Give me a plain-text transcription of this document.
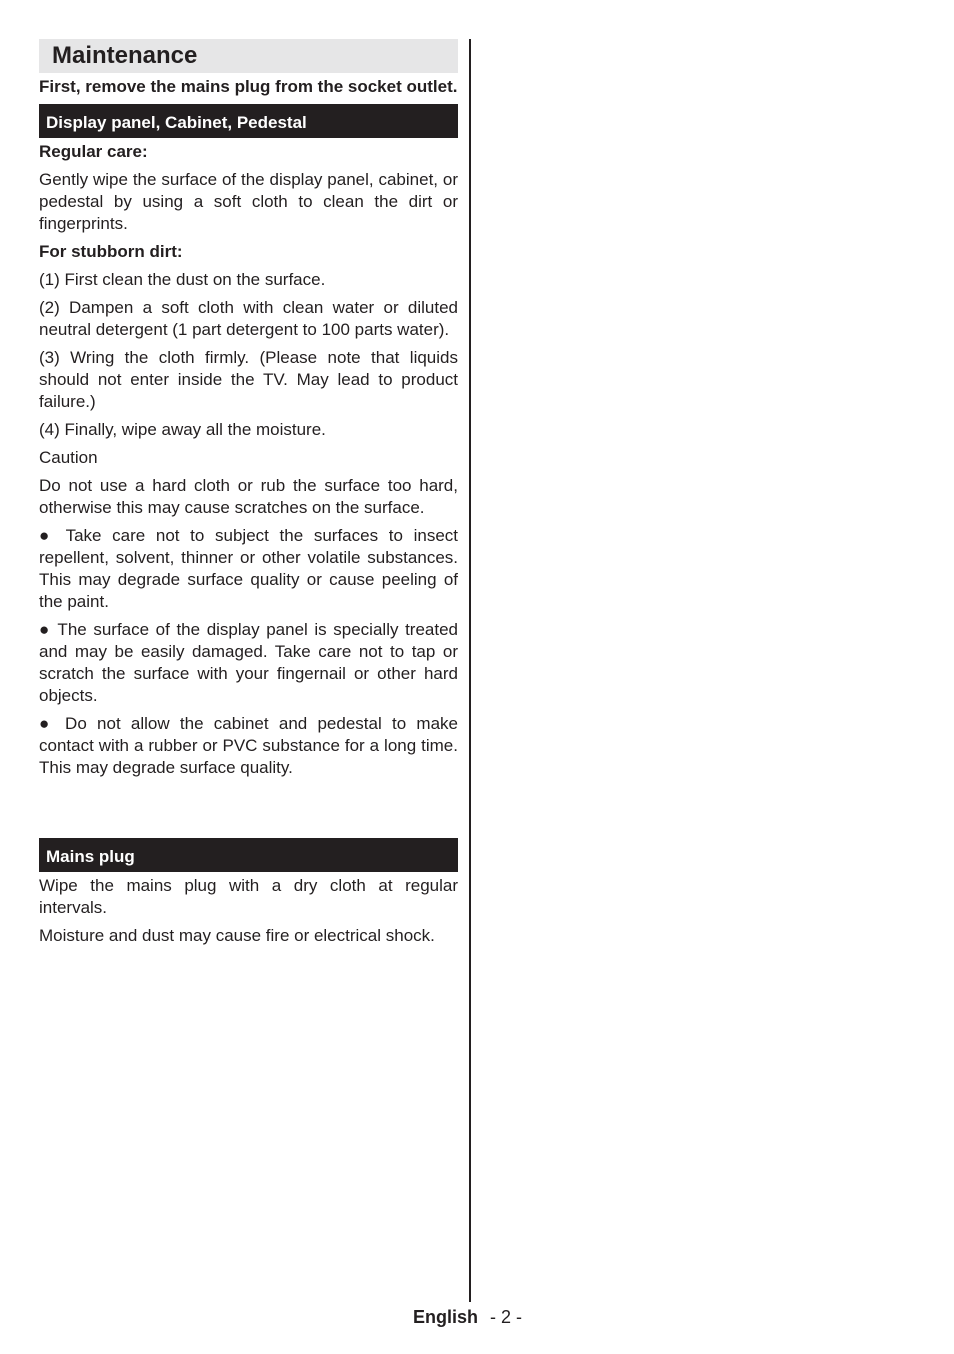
Maintenance

First, remove the mains plug from the socket outlet.

Display panel, Cabinet, Pedestal
Regular care:

Gently wipe the surface of the display panel, cabinet, or pedestal by using a soft cloth to clean the dirt or fingerprints.

For stubborn dirt:

(1) First clean the dust on the surface.

(2) Dampen a soft cloth with clean water or diluted neutral detergent (1 part detergent to 100 parts water).

(3) Wring the cloth firmly. (Please note that liquids should not enter inside the TV. May lead to product failure.)

(4) Finally, wipe away all the moisture.

Caution

Do not use a hard cloth or rub the surface too hard, otherwise this may cause scratches on the surface.

● Take care not to subject the surfaces to insect repellent, solvent, thinner or other volatile substances. This may degrade surface quality or cause peeling of the paint.

● The surface of the display panel is specially treated and may be easily damaged. Take care not to tap or scratch the surface with your fingernail or other hard objects.

● Do not allow the cabinet and pedestal to make contact with a rubber or PVC substance for a long time. This may degrade surface quality.

Mains plug

Wipe the mains plug with a dry cloth at regular intervals.

Moisture and dust may cause fire or electrical shock.

English - 2 -
